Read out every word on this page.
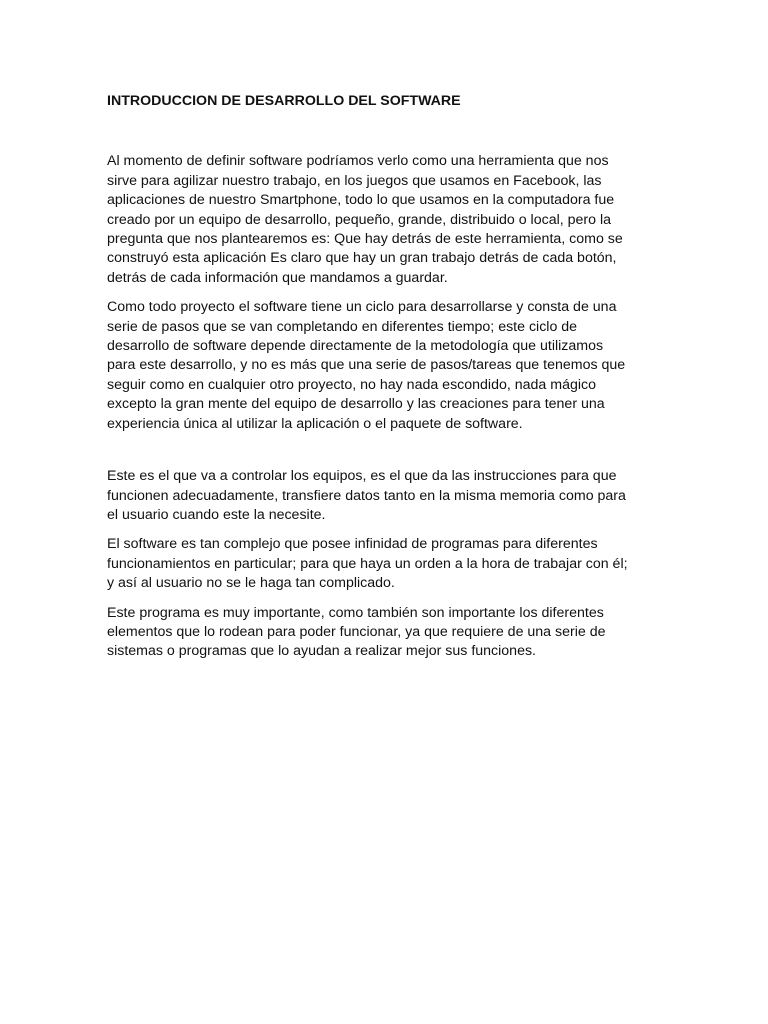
INTRODUCCION DE DESARROLLO DEL SOFTWARE

Al momento de definir software podríamos verlo como una herramienta que nos
sirve para agilizar nuestro trabajo, en los juegos que usamos en Facebook, las
aplicaciones de nuestro Smartphone, todo lo que usamos en la computadora fue
creado por un equipo de desarrollo, pequeño, grande, distribuido o local, pero la
pregunta que nos plantearemos es: Que hay detrás de este herramienta, como se
construyó esta aplicación Es claro que hay un gran trabajo detrás de cada botón,
detrás de cada información que mandamos a guardar.

Como todo proyecto el software tiene un ciclo para desarrollarse y consta de una
serie de pasos que se van completando en diferentes tiempo; este ciclo de
desarrollo de software depende directamente de la metodología que utilizamos
para este desarrollo, y no es más que una serie de pasos/tareas que tenemos que
seguir como en cualquier otro proyecto, no hay nada escondido, nada mágico
excepto la gran mente del equipo de desarrollo y las creaciones para tener una
experiencia única al utilizar la aplicación o el paquete de software.

Este es el que va a controlar los equipos, es el que da las instrucciones para que
funcionen adecuadamente, transfiere datos tanto en la misma memoria como para
el usuario cuando este la necesite.

El software es tan complejo que posee infinidad de programas para diferentes
funcionamientos en particular; para que haya un orden a la hora de trabajar con él;
y así al usuario no se le haga tan complicado.

Este programa es muy importante, como también son importante los diferentes
elementos que lo rodean para poder funcionar, ya que requiere de una serie de
sistemas o programas que lo ayudan a realizar mejor sus funciones.
